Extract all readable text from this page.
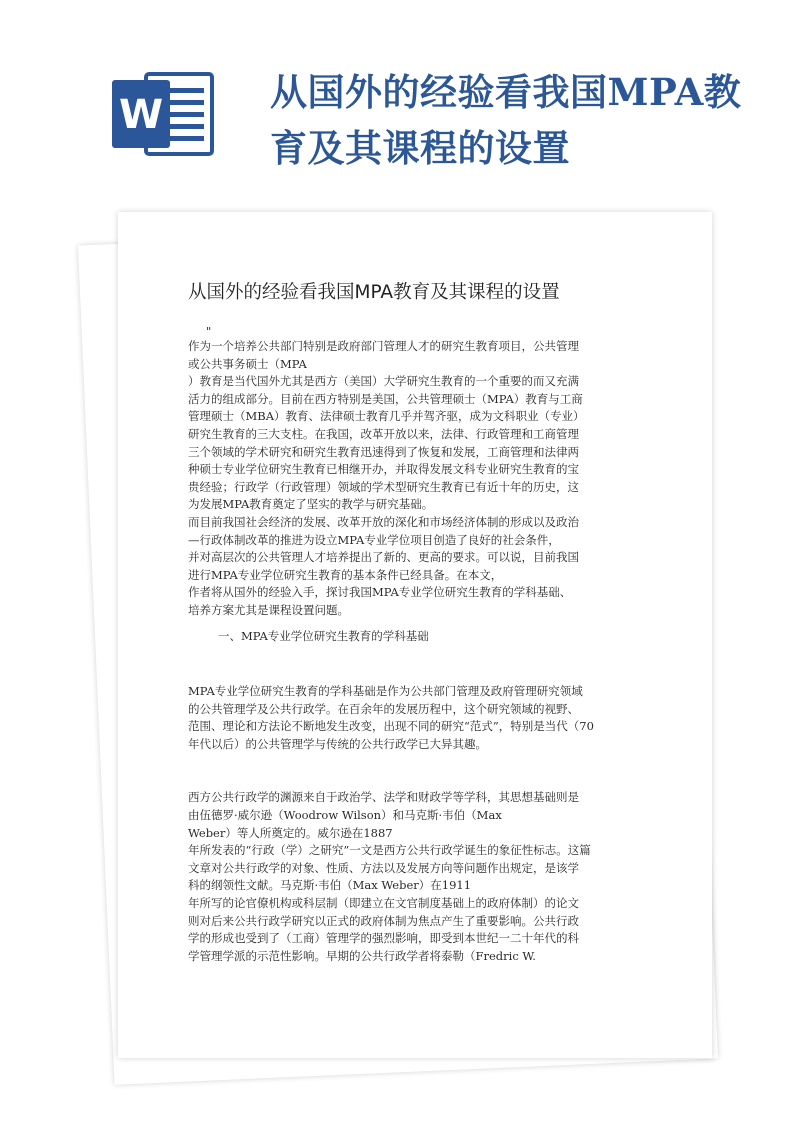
W	从国外的经验看我国MPA教
育及其课程的设置
从国外的经验看我国MPA教育及其课程的设置
"
作为一个培养公共部门特别是政府部门管理人才的研究生教育项目，公共管理
或公共事务硕士（MPA
）教育是当代国外尤其是西方（美国）大学研究生教育的一个重要的而又充满
活力的组成部分。目前在西方特别是美国，公共管理硕士（MPA）教育与工商
管理硕士（MBA）教育、法律硕士教育几乎并驾齐驱，成为文科职业（专业）
研究生教育的三大支柱。在我国，改革开放以来，法律、行政管理和工商管理
三个领域的学术研究和研究生教育迅速得到了恢复和发展，工商管理和法律两
种硕士专业学位研究生教育已相继开办，并取得发展文科专业研究生教育的宝
贵经验；行政学（行政管理）领域的学术型研究生教育已有近十年的历史，这
为发展MPA教育奠定了坚实的教学与研究基础。
而目前我国社会经济的发展、改革开放的深化和市场经济体制的形成以及政治
—行政体制改革的推进为设立MPA专业学位项目创造了良好的社会条件，
并对高层次的公共管理人才培养提出了新的、更高的要求。可以说，目前我国
进行MPA专业学位研究生教育的基本条件已经具备。在本文，
作者将从国外的经验入手，探讨我国MPA专业学位研究生教育的学科基础、
培养方案尤其是课程设置问题。
一、MPA专业学位研究生教育的学科基础
MPA专业学位研究生教育的学科基础是作为公共部门管理及政府管理研究领域
的公共管理学及公共行政学。在百余年的发展历程中，这个研究领域的视野、
范围、理论和方法论不断地发生改变，出现不同的研究“范式”，特别是当代（70
年代以后）的公共管理学与传统的公共行政学已大异其趣。
西方公共行政学的渊源来自于政治学、法学和财政学等学科，其思想基础则是
由伍德罗·威尔逊（Woodrow Wilson）和马克斯·韦伯（Max
Weber）等人所奠定的。威尔逊在1887
年所发表的“行政（学）之研究”一文是西方公共行政学诞生的象征性标志。这篇
文章对公共行政学的对象、性质、方法以及发展方向等问题作出规定，是该学
科的纲领性文献。马克斯·韦伯（Max Weber）在1911
年所写的论官僚机构或科层制（即建立在文官制度基础上的政府体制）的论文
则对后来公共行政学研究以正式的政府体制为焦点产生了重要影响。公共行政
学的形成也受到了（工商）管理学的强烈影响，即受到本世纪一二十年代的科
学管理学派的示范性影响。早期的公共行政学者将泰勒（Fredric W.
